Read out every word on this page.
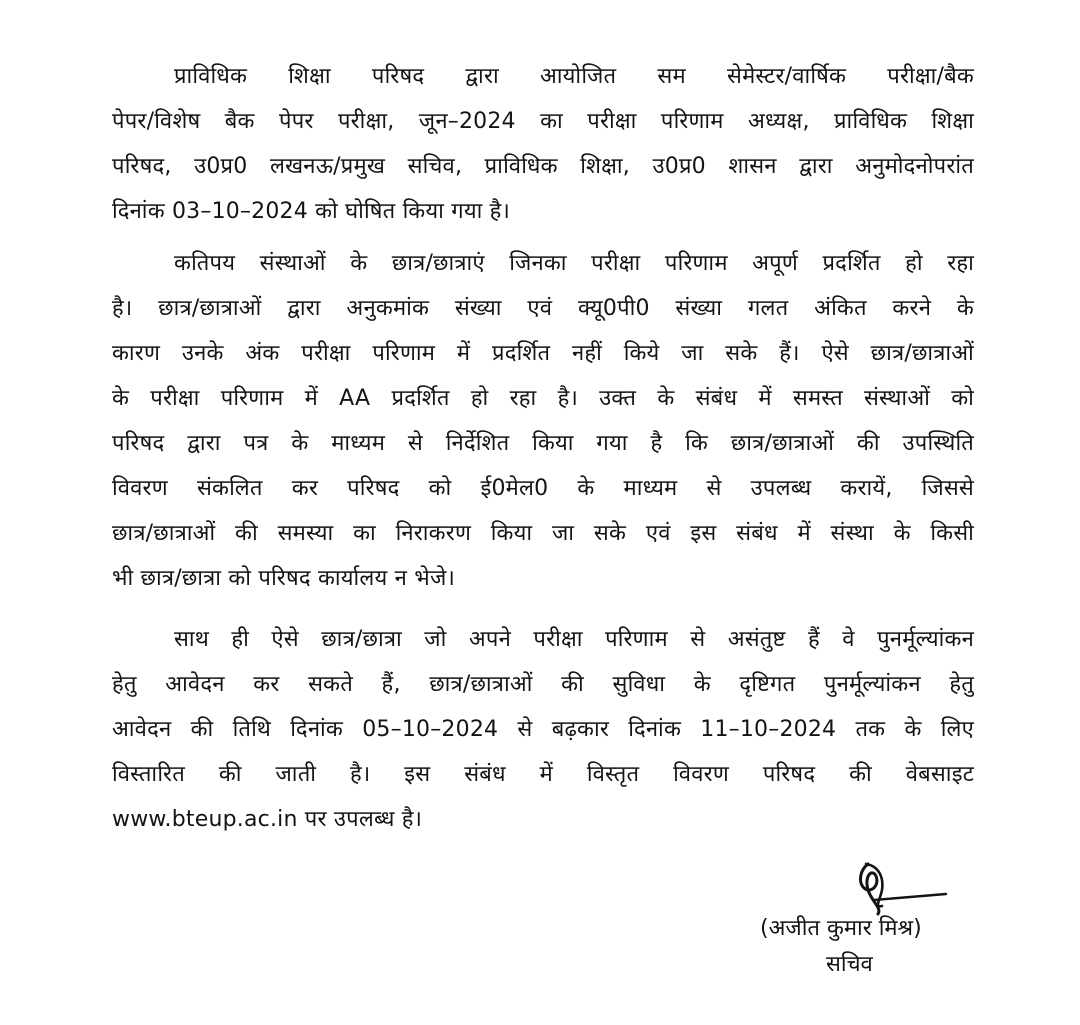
प्राविधिक शिक्षा परिषद द्वारा आयोजित सम सेमेस्टर/वार्षिक परीक्षा/बैक
पेपर/विशेष बैक पेपर परीक्षा, जून–2024 का परीक्षा परिणाम अध्यक्ष, प्राविधिक शिक्षा
परिषद, उ0प्र0 लखनऊ/प्रमुख सचिव, प्राविधिक शिक्षा, उ0प्र0 शासन द्वारा अनुमोदनोपरांत
दिनांक 03–10–2024 को घोषित किया गया है।
कतिपय संस्थाओं के छात्र/छात्राएं जिनका परीक्षा परिणाम अपूर्ण प्रदर्शित हो रहा
है। छात्र/छात्राओं द्वारा अनुकमांक संख्या एवं क्यू0पी0 संख्या गलत अंकित करने के
कारण उनके अंक परीक्षा परिणाम में प्रदर्शित नहीं किये जा सके हैं। ऐसे छात्र/छात्राओं
के परीक्षा परिणाम में AA प्रदर्शित हो रहा है। उक्त के संबंध में समस्त संस्थाओं को
परिषद द्वारा पत्र के माध्यम से निर्देशित किया गया है कि छात्र/छात्राओं की उपस्थिति
विवरण संकलित कर परिषद को ई0मेल0 के माध्यम से उपलब्ध करायें, जिससे
छात्र/छात्राओं की समस्या का निराकरण किया जा सके एवं इस संबंध में संस्था के किसी
भी छात्र/छात्रा को परिषद कार्यालय न भेजे।
साथ ही ऐसे छात्र/छात्रा जो अपने परीक्षा परिणाम से असंतुष्ट हैं वे पुनर्मूल्यांकन
हेतु आवेदन कर सकते हैं, छात्र/छात्राओं की सुविधा के दृष्टिगत पुनर्मूल्यांकन हेतु
आवेदन की तिथि दिनांक 05–10–2024 से बढ़कार दिनांक 11–10–2024 तक के लिए
विस्तारित की जाती है। इस संबंध में विस्तृत विवरण परिषद की वेबसाइट
www.bteup.ac.in पर उपलब्ध है।
(अजीत कुमार मिश्र)
सचिव
